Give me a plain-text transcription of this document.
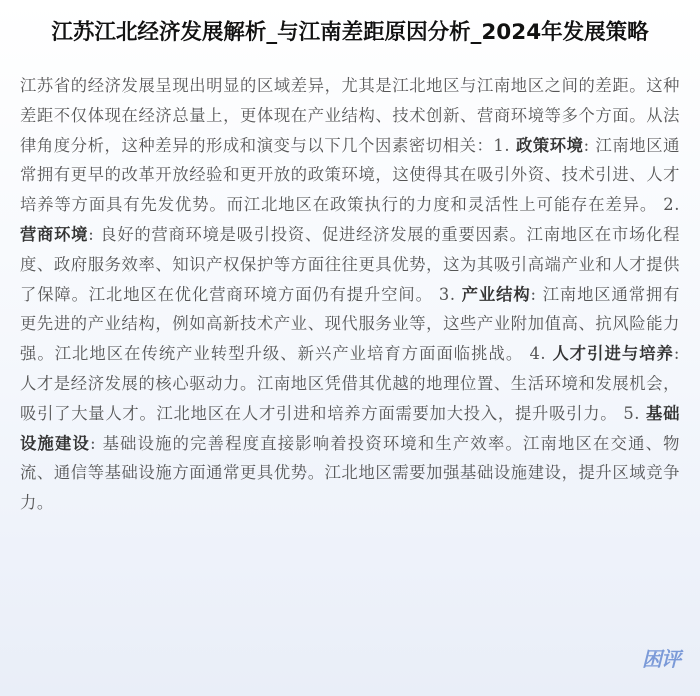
江苏江北经济发展解析_与江南差距原因分析_2024年发展策略
江苏省的经济发展呈现出明显的区域差异，尤其是江北地区与江南地区之间的差距。这种差距不仅体现在经济总量上，更体现在产业结构、技术创新、营商环境等多个方面。从法律角度分析，这种差异的形成和演变与以下几个因素密切相关：1. 政策环境: 江南地区通常拥有更早的改革开放经验和更开放的政策环境，这使得其在吸引外资、技术引进、人才培养等方面具有先发优势。而江北地区在政策执行的力度和灵活性上可能存在差异。 2. 营商环境: 良好的营商环境是吸引投资、促进经济发展的重要因素。江南地区在市场化程度、政府服务效率、知识产权保护等方面往往更具优势，这为其吸引高端产业和人才提供了保障。江北地区在优化营商环境方面仍有提升空间。 3. 产业结构: 江南地区通常拥有更先进的产业结构，例如高新技术产业、现代服务业等，这些产业附加值高、抗风险能力强。江北地区在传统产业转型升级、新兴产业培育方面面临挑战。 4. 人才引进与培养: 人才是经济发展的核心驱动力。江南地区凭借其优越的地理位置、生活环境和发展机会，吸引了大量人才。江北地区在人才引进和培养方面需要加大投入，提升吸引力。 5. 基础设施建设: 基础设施的完善程度直接影响着投资环境和生产效率。江南地区在交通、物流、通信等基础设施方面通常更具优势。江北地区需要加强基础设施建设，提升区域竞争力。
困评
